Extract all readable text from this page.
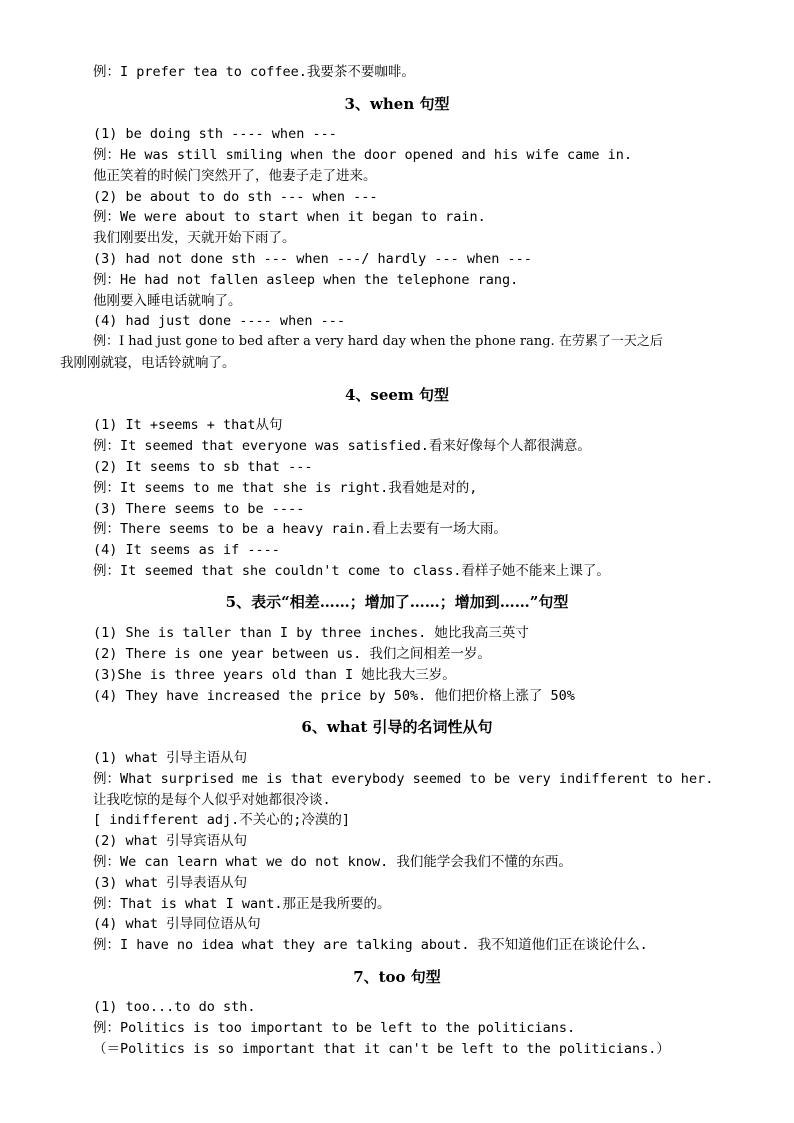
例：I prefer tea to coffee.我要茶不要咖啡。
3、when 句型
(1) be doing sth ---- when ---
例：He was still smiling when the door opened and his wife came in.
他正笑着的时候门突然开了，他妻子走了进来。
(2) be about to do sth --- when ---
例：We were about to start when it began to rain.
我们刚要出发，天就开始下雨了。
(3) had not done sth --- when ---/ hardly --- when ---
例：He had not fallen asleep when the telephone rang.
他刚要入睡电话就响了。
(4) had just done ---- when ---
例：I had just gone to bed after a very hard day when the phone rang. 在劳累了一天之后
我刚刚就寝，电话铃就响了。
4、seem 句型
(1) It +seems + that从句
例：It seemed that everyone was satisfied.看来好像每个人都很满意。
(2) It seems to sb that ---
例：It seems to me that she is right.我看她是对的,
(3) There seems to be ----
例：There seems to be a heavy rain.看上去要有一场大雨。
(4) It seems as if ----
例：It seemed that she couldn't come to class.看样子她不能来上课了。
5、表示“相差……；增加了……；增加到……”句型
(1) She is taller than I by three inches. 她比我高三英寸
(2) There is one year between us. 我们之间相差一岁。
(3)She is three years old than I 她比我大三岁。
(4) They have increased the price by 50%. 他们把价格上涨了 50%
6、what 引导的名词性从句
(1) what 引导主语从句
例：What surprised me is that everybody seemed to be very indifferent to her.
让我吃惊的是每个人似乎对她都很冷谈.
[ indifferent adj.不关心的;冷漠的]
(2) what 引导宾语从句
例：We can learn what we do not know. 我们能学会我们不懂的东西。
(3) what 引导表语从句
例：That is what I want.那正是我所要的。
(4) what 引导同位语从句
例：I have no idea what they are talking about. 我不知道他们正在谈论什么.
7、too 句型
(1) too...to do sth.
例：Politics is too important to be left to the politicians.
（＝Politics is so important that it can't be left to the politicians.）
